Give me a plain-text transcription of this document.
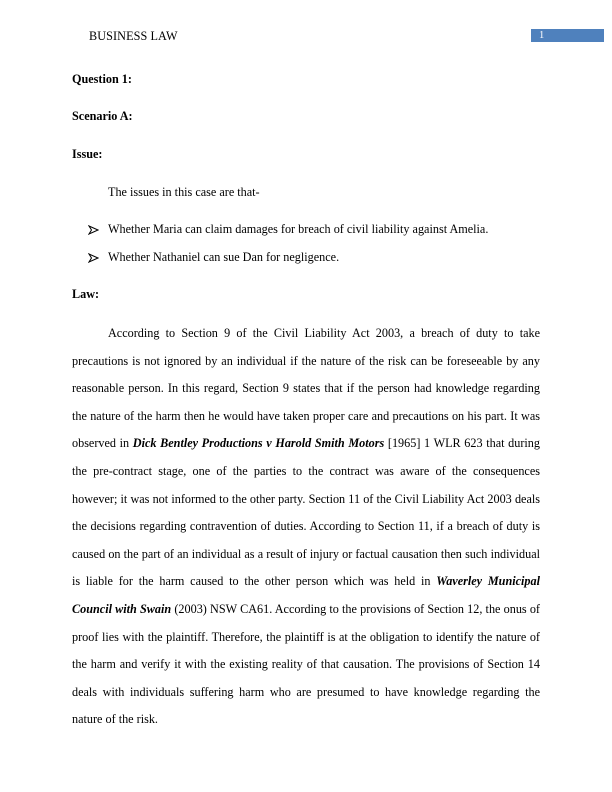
BUSINESS LAW	1
Question 1:
Scenario A:
Issue:
The issues in this case are that-
Whether Maria can claim damages for breach of civil liability against Amelia.
Whether Nathaniel can sue Dan for negligence.
Law:

According to Section 9 of the Civil Liability Act 2003, a breach of duty to take precautions is not ignored by an individual if the nature of the risk can be foreseeable by any reasonable person. In this regard, Section 9 states that if the person had knowledge regarding the nature of the harm then he would have taken proper care and precautions on his part. It was observed in Dick Bentley Productions v Harold Smith Motors [1965] 1 WLR 623 that during the pre-contract stage, one of the parties to the contract was aware of the consequences however; it was not informed to the other party. Section 11 of the Civil Liability Act 2003 deals the decisions regarding contravention of duties. According to Section 11, if a breach of duty is caused on the part of an individual as a result of injury or factual causation then such individual is liable for the harm caused to the other person which was held in Waverley Municipal Council with Swain (2003) NSW CA61. According to the provisions of Section 12, the onus of proof lies with the plaintiff. Therefore, the plaintiff is at the obligation to identify the nature of the harm and verify it with the existing reality of that causation. The provisions of Section 14 deals with individuals suffering harm who are presumed to have knowledge regarding the nature of the risk.
